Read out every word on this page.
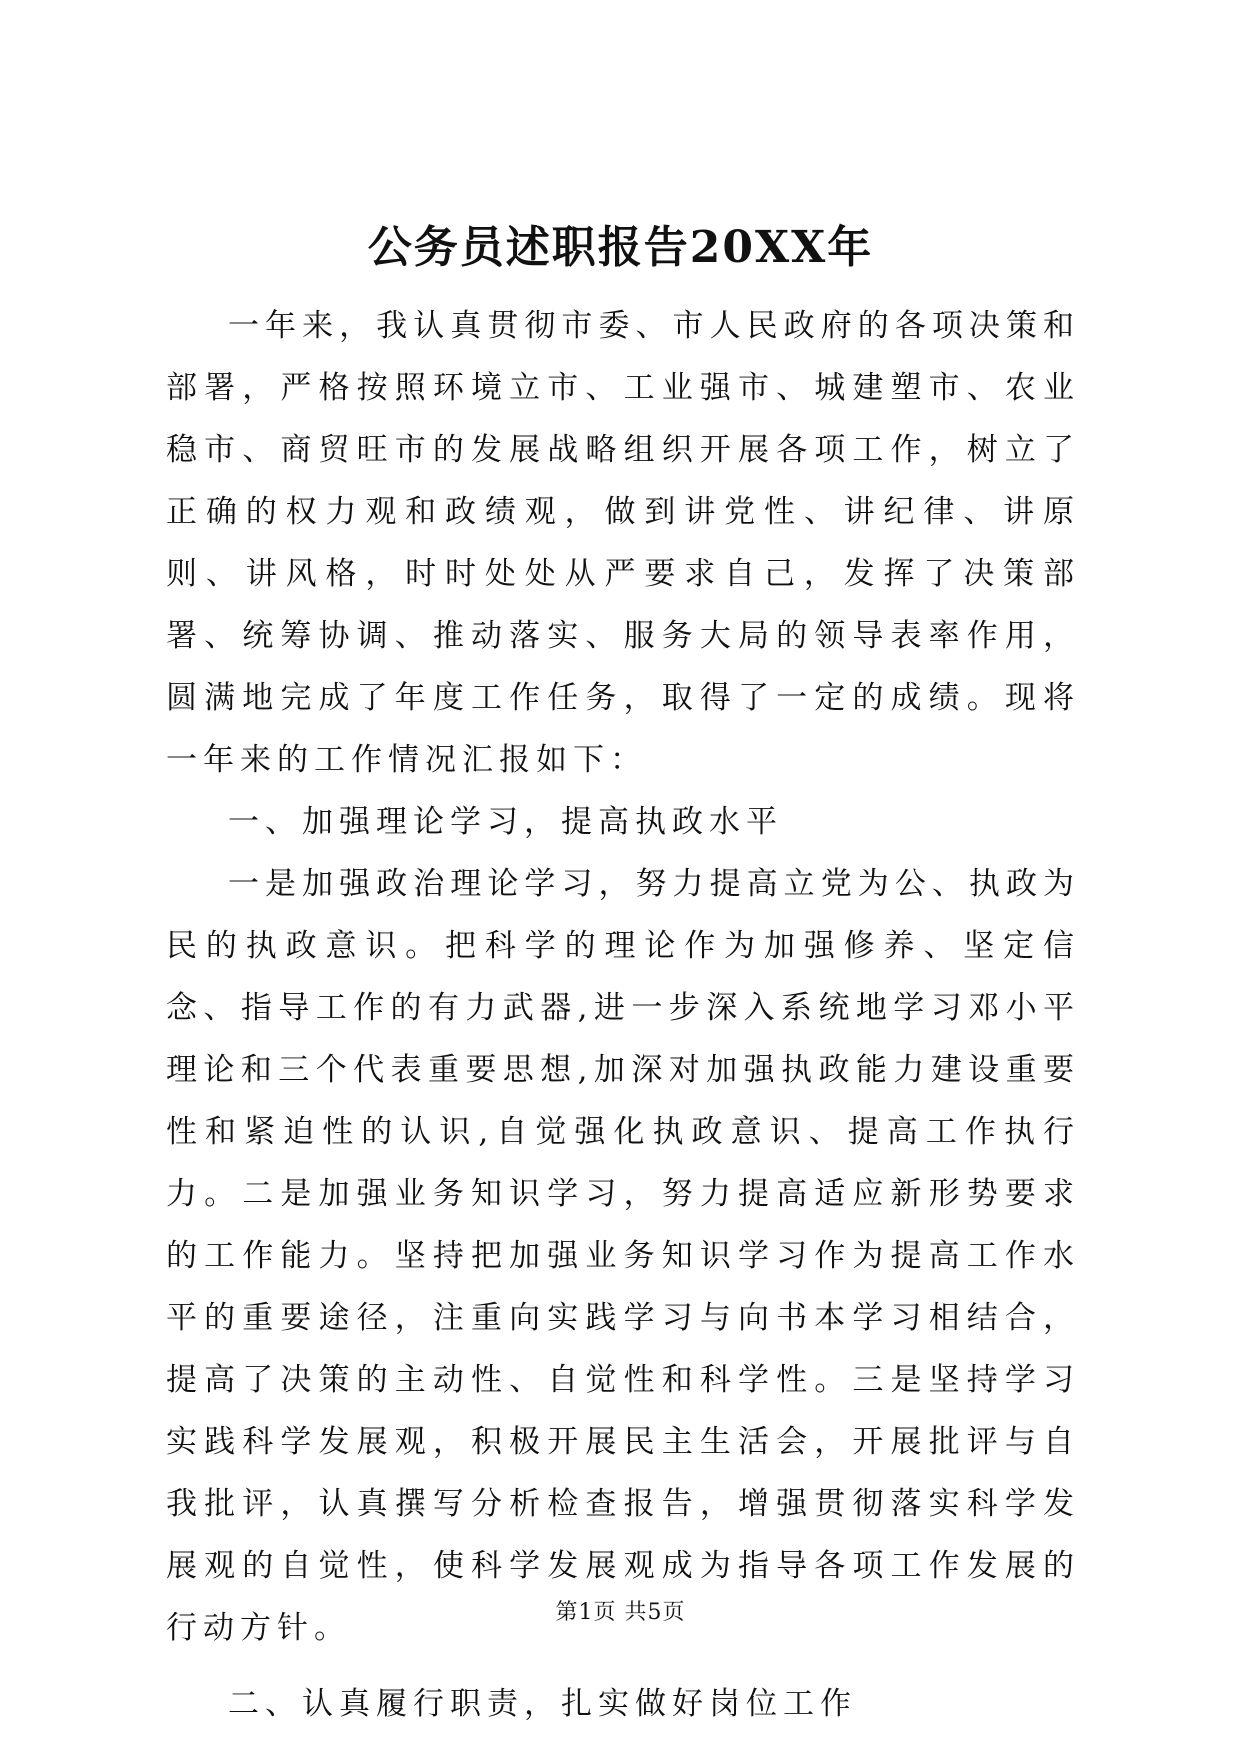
公务员述职报告20XX年

一年来，我认真贯彻市委、市人民政府的各项决策和部署，严格按照环境立市、工业强市、城建塑市、农业稳市、商贸旺市的发展战略组织开展各项工作，树立了正确的权力观和政绩观，做到讲党性、讲纪律、讲原则、讲风格，时时处处从严要求自己，发挥了决策部署、统筹协调、推动落实、服务大局的领导表率作用，圆满地完成了年度工作任务，取得了一定的成绩。现将一年来的工作情况汇报如下：

一、加强理论学习，提高执政水平

一是加强政治理论学习，努力提高立党为公、执政为民的执政意识。把科学的理论作为加强修养、坚定信念、指导工作的有力武器,进一步深入系统地学习邓小平理论和三个代表重要思想,加深对加强执政能力建设重要性和紧迫性的认识,自觉强化执政意识、提高工作执行力。二是加强业务知识学习，努力提高适应新形势要求的工作能力。坚持把加强业务知识学习作为提高工作水平的重要途径，注重向实践学习与向书本学习相结合，提高了决策的主动性、自觉性和科学性。三是坚持学习实践科学发展观，积极开展民主生活会，开展批评与自我批评，认真撰写分析检查报告，增强贯彻落实科学发展观的自觉性，使科学发展观成为指导各项工作发展的行动方针。

二、认真履行职责，扎实做好岗位工作

第1页 共5页
